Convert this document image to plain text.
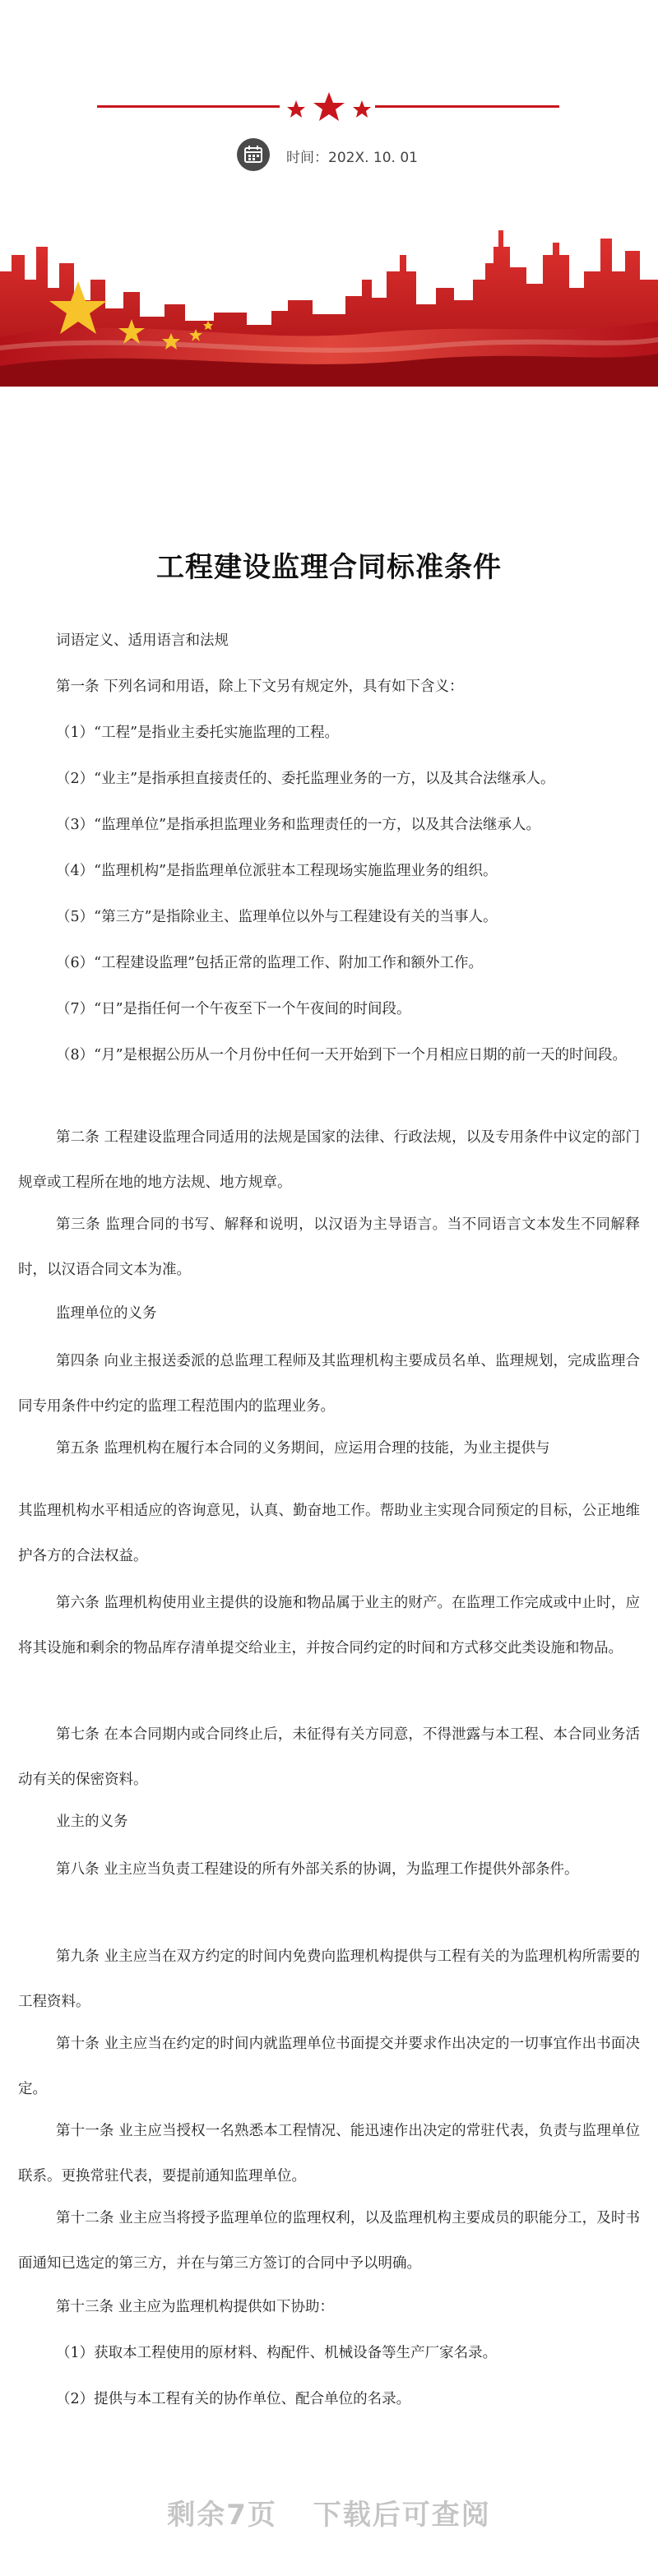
时间：202X. 10. 01
工程建设监理合同标准条件

词语定义、适用语言和法规

第一条 下列名词和用语，除上下文另有规定外，具有如下含义：

（1）“工程”是指业主委托实施监理的工程。

（2）“业主”是指承担直接责任的、委托监理业务的一方，以及其合法继承人。

（3）“监理单位”是指承担监理业务和监理责任的一方，以及其合法继承人。

（4）“监理机构”是指监理单位派驻本工程现场实施监理业务的组织。

（5）“第三方”是指除业主、监理单位以外与工程建设有关的当事人。

（6）“工程建设监理”包括正常的监理工作、附加工作和额外工作。

（7）“日”是指任何一个午夜至下一个午夜间的时间段。

（8）“月”是根据公历从一个月份中任何一天开始到下一个月相应日期的前一天的时间段。

第二条 工程建设监理合同适用的法规是国家的法律、行政法规，以及专用条件中议定的部门规章或工程所在地的地方法规、地方规章。

第三条 监理合同的书写、解释和说明，以汉语为主导语言。当不同语言文本发生不同解释时，以汉语合同文本为准。

监理单位的义务

第四条 向业主报送委派的总监理工程师及其监理机构主要成员名单、监理规划，完成监理合同专用条件中约定的监理工程范围内的监理业务。

第五条 监理机构在履行本合同的义务期间，应运用合理的技能，为业主提供与

其监理机构水平相适应的咨询意见，认真、勤奋地工作。帮助业主实现合同预定的目标，公正地维护各方的合法权益。

第六条 监理机构使用业主提供的设施和物品属于业主的财产。在监理工作完成或中止时，应将其设施和剩余的物品库存清单提交给业主，并按合同约定的时间和方式移交此类设施和物品。

第七条 在本合同期内或合同终止后，未征得有关方同意，不得泄露与本工程、本合同业务活动有关的保密资料。

业主的义务

第八条 业主应当负责工程建设的所有外部关系的协调，为监理工作提供外部条件。

第九条 业主应当在双方约定的时间内免费向监理机构提供与工程有关的为监理机构所需要的工程资料。

第十条 业主应当在约定的时间内就监理单位书面提交并要求作出决定的一切事宜作出书面决定。

第十一条 业主应当授权一名熟悉本工程情况、能迅速作出决定的常驻代表，负责与监理单位联系。更换常驻代表，要提前通知监理单位。

第十二条 业主应当将授予监理单位的监理权利，以及监理机构主要成员的职能分工，及时书面通知已选定的第三方，并在与第三方签订的合同中予以明确。

第十三条 业主应为监理机构提供如下协助：

（1）获取本工程使用的原材料、构配件、机械设备等生产厂家名录。

（2）提供与本工程有关的协作单位、配合单位的名录。

剩余7页 下载后可查阅
